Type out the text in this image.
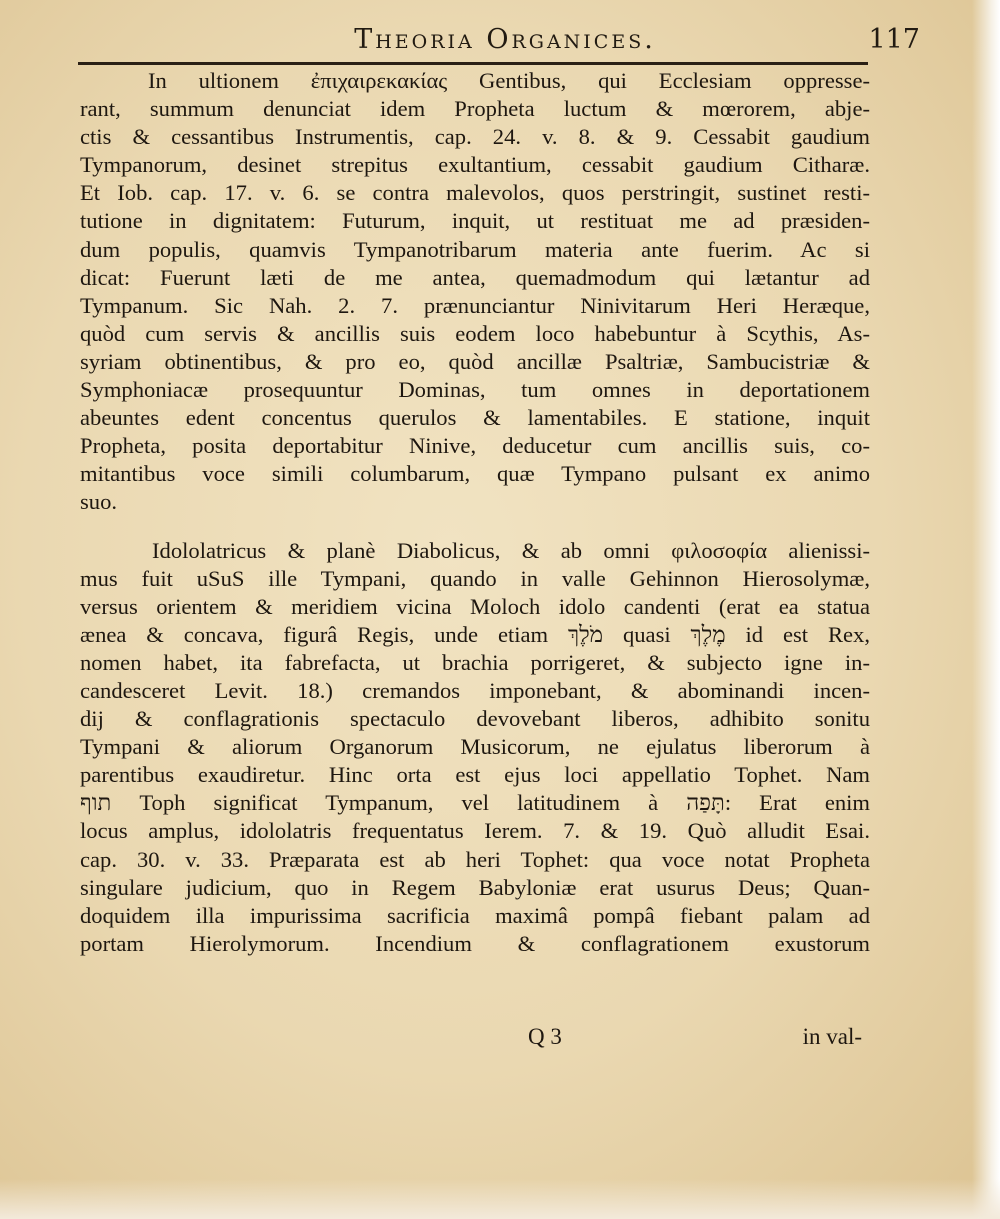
Theoria Organices.	117
In ultionem ἐπιχαιρεκακίας Gentibus, qui Ecclesiam oppresse-
rant, summum denunciat idem Propheta luctum & mœrorem, abje-
ctis & cessantibus Instrumentis, cap. 24. v. 8. & 9. Cessabit gaudium
Tympanorum, desinet strepitus exultantium, cessabit gaudium Citharæ.
Et Iob. cap. 17. v. 6. se contra malevolos, quos perstringit, sustinet resti-
tutione in dignitatem: Futurum, inquit, ut restituat me ad præsiden-
dum populis, quamvis Tympanotribarum materia ante fuerim. Ac si
dicat: Fuerunt læti de me antea, quemadmodum qui lætantur ad
Tympanum. Sic Nah. 2. 7. prænunciantur Ninivitarum Heri Heræque,
quòd cum servis & ancillis suis eodem loco habebuntur à Scythis, As-
syriam obtinentibus, & pro eo, quòd ancillæ Psaltriæ, Sambucistriæ &
Symphoniacæ prosequuntur Dominas, tum omnes in deportationem
abeuntes edent concentus querulos & lamentabiles. E statione, inquit
Propheta, posita deportabitur Ninive, deducetur cum ancillis suis, co-
mitantibus voce simili columbarum, quæ Tympano pulsant ex animo
suo.
Idololatricus & planè Diabolicus, & ab omni φιλοσοφία alienissi-
mus fuit uSuS ille Tympani, quando in valle Gehinnon Hierosolymæ,
versus orientem & meridiem vicina Moloch idolo candenti (erat ea statua
ænea & concava, figurâ Regis, unde etiam מֹלֶךְ quasi מֶלֶךְ id est Rex,
nomen habet, ita fabrefacta, ut brachia porrigeret, & subjecto igne in-
candesceret Levit. 18.) cremandos imponebant, & abominandi incen-
dij & conflagrationis spectaculo devovebant liberos, adhibito sonitu
Tympani & aliorum Organorum Musicorum, ne ejulatus liberorum à
parentibus exaudiretur. Hinc orta est ejus loci appellatio Tophet. Nam
תוף Toph significat Tympanum, vel latitudinem à תָּפַה: Erat enim
locus amplus, idololatris frequentatus Ierem. 7. & 19. Quò alludit Esai.
cap. 30. v. 33. Præparata est ab heri Tophet: qua voce notat Propheta
singulare judicium, quo in Regem Babyloniæ erat usurus Deus; Quan-
doquidem illa impurissima sacrificia maximâ pompâ fiebant palam ad
portam Hierolymorum. Incendium & conflagrationem exustorum
Q 3	in val-
